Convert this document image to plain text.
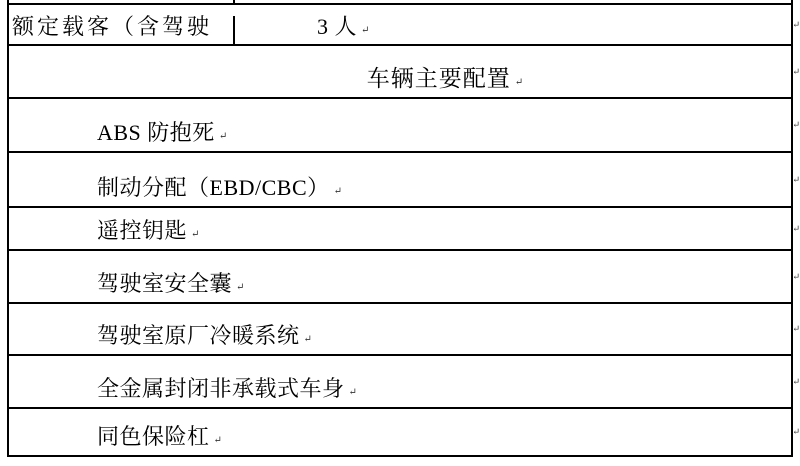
额定载客（含驾驶	3 人 ↵
↵
车辆主要配置 ↵
↵
ABS 防抱死 ↵
↵
制动分配（EBD/CBC） ↵
↵
遥控钥匙 ↵
↵
驾驶室安全囊 ↵
↵
驾驶室原厂冷暖系统 ↵
↵
全金属封闭非承载式车身 ↵
↵
同色保险杠 ↵
↵
